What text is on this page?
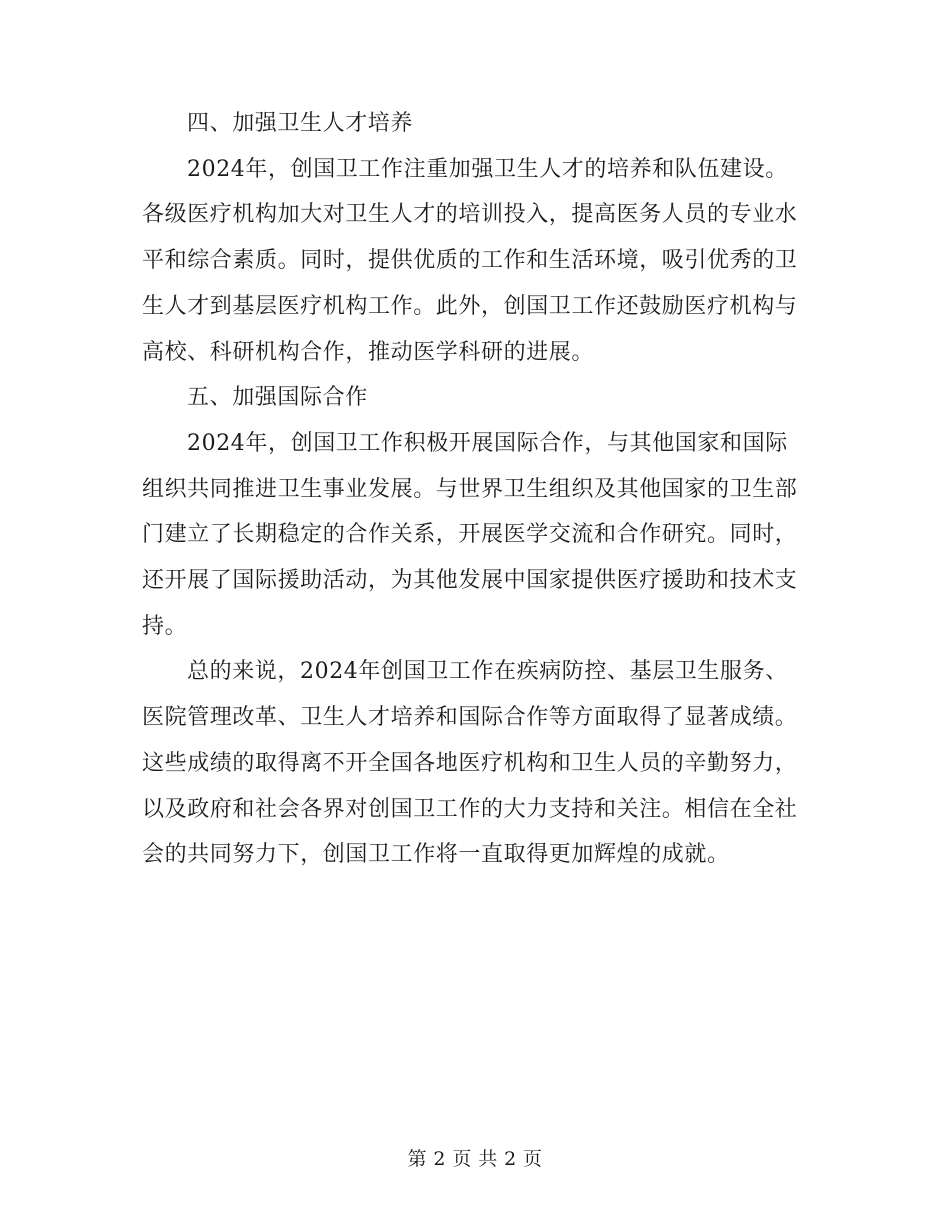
四、加强卫生人才培养

2024年，创国卫工作注重加强卫生人才的培养和队伍建设。各级医疗机构加大对卫生人才的培训投入，提高医务人员的专业水平和综合素质。同时，提供优质的工作和生活环境，吸引优秀的卫生人才到基层医疗机构工作。此外，创国卫工作还鼓励医疗机构与高校、科研机构合作，推动医学科研的进展。

五、加强国际合作

2024年，创国卫工作积极开展国际合作，与其他国家和国际组织共同推进卫生事业发展。与世界卫生组织及其他国家的卫生部门建立了长期稳定的合作关系，开展医学交流和合作研究。同时，还开展了国际援助活动，为其他发展中国家提供医疗援助和技术支持。

总的来说，2024年创国卫工作在疾病防控、基层卫生服务、医院管理改革、卫生人才培养和国际合作等方面取得了显著成绩。这些成绩的取得离不开全国各地医疗机构和卫生人员的辛勤努力，以及政府和社会各界对创国卫工作的大力支持和关注。相信在全社会的共同努力下，创国卫工作将一直取得更加辉煌的成就。

第 2 页 共 2 页
